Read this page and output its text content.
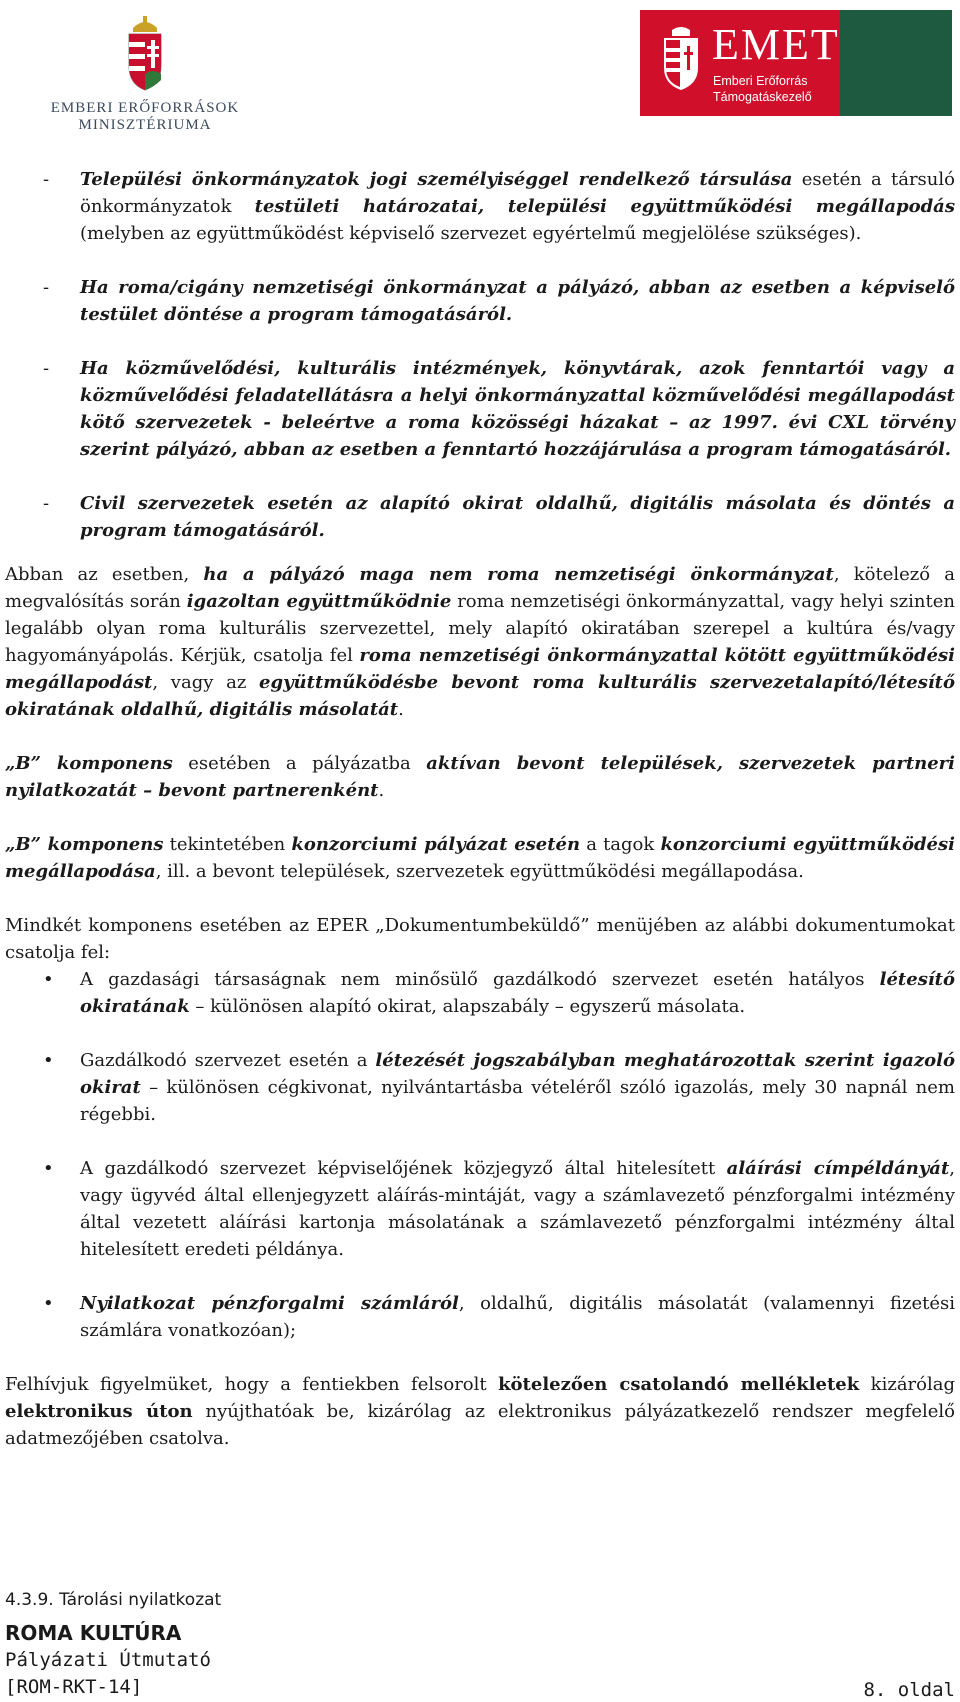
EMBERI ERŐFORRÁSOK
MINISZTÉRIUMA
EMET
Emberi Erőforrás
Támogatáskezelő
- Települési önkormányzatok jogi személyiséggel rendelkező társulása esetén a társuló önkormányzatok testületi határozatai, települési együttműködési megállapodás (melyben az együttműködést képviselő szervezet egyértelmű megjelölése szükséges).
- Ha roma/cigány nemzetiségi önkormányzat a pályázó, abban az esetben a képviselő testület döntése a program támogatásáról.
- Ha közművelődési, kulturális intézmények, könyvtárak, azok fenntartói vagy a közművelődési feladatellátásra a helyi önkormányzattal közművelődési megállapodást kötő szervezetek - beleértve a roma közösségi házakat – az 1997. évi CXL törvény szerint pályázó, abban az esetben a fenntartó hozzájárulása a program támogatásáról.
- Civil szervezetek esetén az alapító okirat oldalhű, digitális másolata és döntés a program támogatásáról.

Abban az esetben, ha a pályázó maga nem roma nemzetiségi önkormányzat, kötelező a megvalósítás során igazoltan együttműködnie roma nemzetiségi önkormányzattal, vagy helyi szinten legalább olyan roma kulturális szervezettel, mely alapító okiratában szerepel a kultúra és/vagy hagyományápolás. Kérjük, csatolja fel roma nemzetiségi önkormányzattal kötött együttműködési megállapodást, vagy az együttműködésbe bevont roma kulturális szervezetalapító/létesítő okiratának oldalhű, digitális másolatát.

„B” komponens esetében a pályázatba aktívan bevont települések, szervezetek partneri nyilatkozatát – bevont partnerenként.

„B” komponens tekintetében konzorciumi pályázat esetén a tagok konzorciumi együttműködési megállapodása, ill. a bevont települések, szervezetek együttműködési megállapodása.

Mindkét komponens esetében az EPER „Dokumentumbeküldő” menüjében az alábbi dokumentumokat csatolja fel:

• A gazdasági társaságnak nem minősülő gazdálkodó szervezet esetén hatályos létesítő okiratának – különösen alapító okirat, alapszabály – egyszerű másolata.
• Gazdálkodó szervezet esetén a létezését jogszabályban meghatározottak szerint igazoló okirat – különösen cégkivonat, nyilvántartásba vételéről szóló igazolás, mely 30 napnál nem régebbi.
• A gazdálkodó szervezet képviselőjének közjegyző által hitelesített aláírási címpéldányát, vagy ügyvéd által ellenjegyzett aláírás-mintáját, vagy a számlavezető pénzforgalmi intézmény által vezetett aláírási kartonja másolatának a számlavezető pénzforgalmi intézmény által hitelesített eredeti példánya.
• Nyilatkozat pénzforgalmi számláról, oldalhű, digitális másolatát (valamennyi fizetési számlára vonatkozóan);

Felhívjuk figyelmüket, hogy a fentiekben felsorolt kötelezően csatolandó mellékletek kizárólag elektronikus úton nyújthatóak be, kizárólag az elektronikus pályázatkezelő rendszer megfelelő adatmezőjében csatolva.

4.3.9. Tárolási nyilatkozat
ROMA KULTÚRA
Pályázati Útmutató
[ROM-RKT-14]	8. oldal
